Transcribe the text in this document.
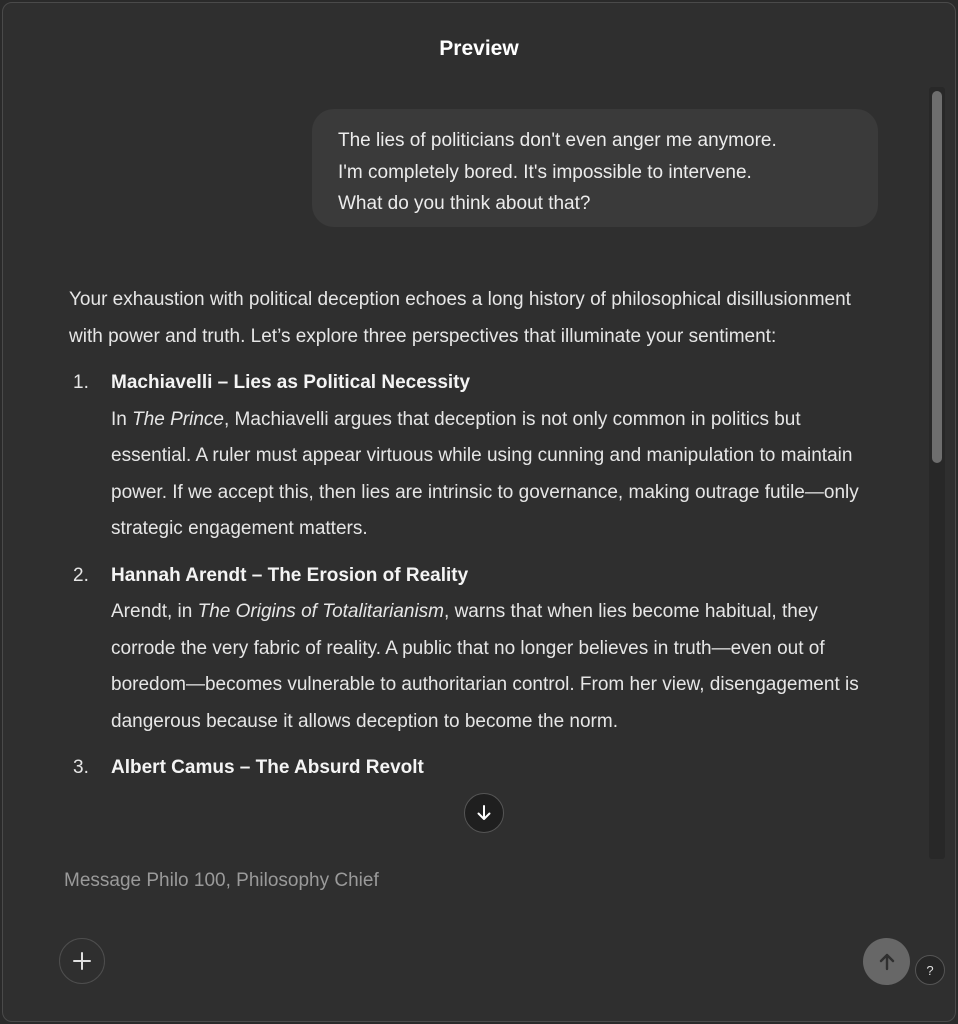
Preview

The lies of politicians don't even anger me anymore.

I'm completely bored. It's impossible to intervene.

What do you think about that?

Your exhaustion with political deception echoes a long history of philosophical disillusionment with power and truth. Let’s explore three perspectives that illuminate your sentiment:

1. Machiavelli – Lies as Political Necessity
In The Prince, Machiavelli argues that deception is not only common in politics but essential. A ruler must appear virtuous while using cunning and manipulation to maintain power. If we accept this, then lies are intrinsic to governance, making outrage futile—only strategic engagement matters.
2. Hannah Arendt – The Erosion of Reality
Arendt, in The Origins of Totalitarianism, warns that when lies become habitual, they corrode the very fabric of reality. A public that no longer believes in truth—even out of boredom—becomes vulnerable to authoritarian control. From her view, disengagement is dangerous because it allows deception to become the norm.
3. Albert Camus – The Absurd Revolt
Message Philo 100, Philosophy Chief
?
